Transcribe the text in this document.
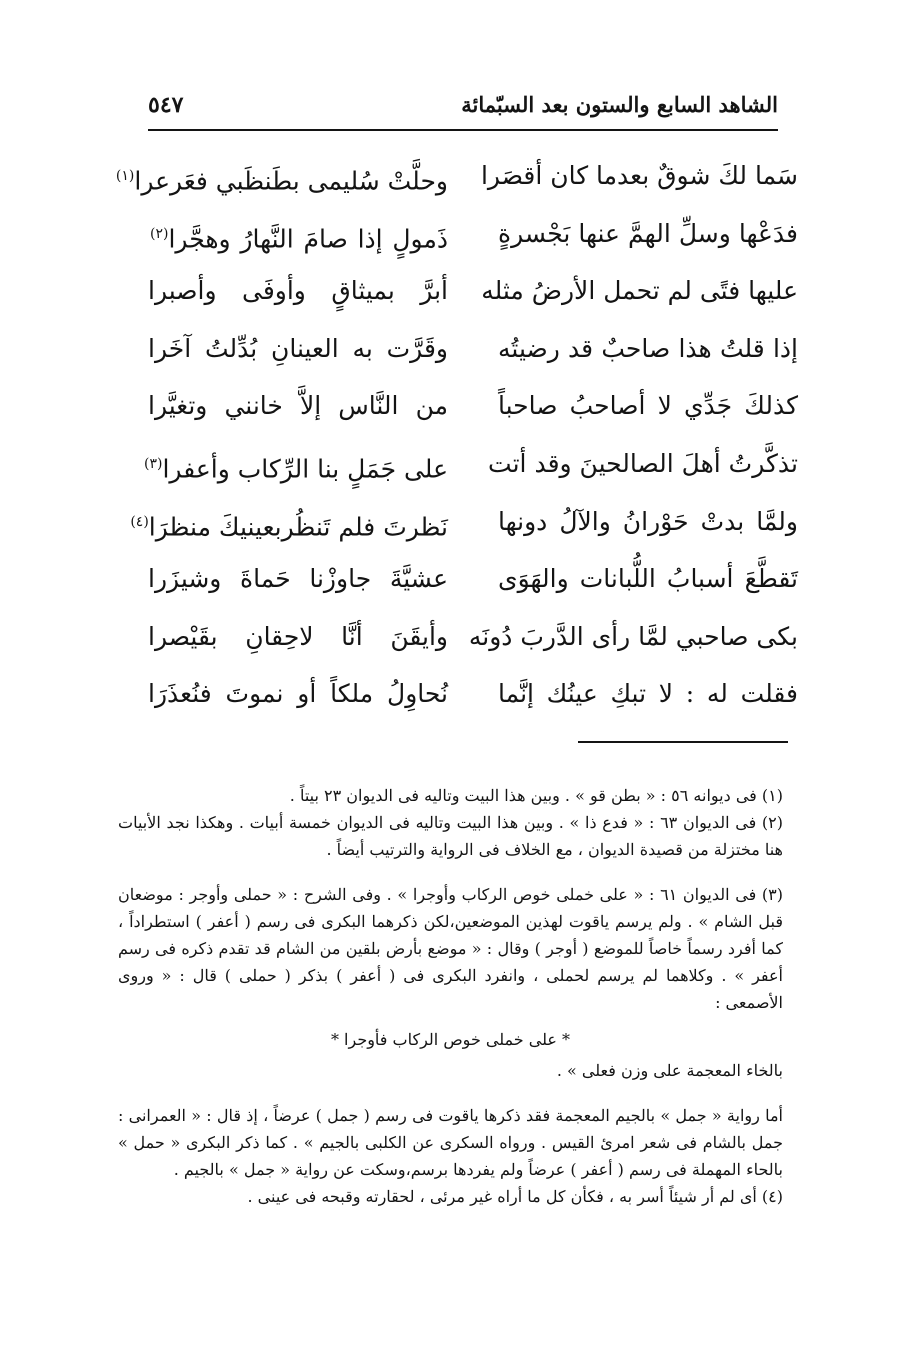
الشاهد السابع والستون بعد السبّمائة
٥٤٧
سَما لكَ شوقٌ بعدما كان أقصَرا
وحلَّتْ سُليمى بطَنظَبي فعَرعرا$^{(١)}$
فدَعْها وسلِّ الهمَّ عنها بَجْسرةٍ
ذَمولٍ إذا صامَ النَّهارُ وهجَّرا$^{(٢)}$
عليها فتًى لم تحمل الأرضُ مثله
أبرَّ بميثاقٍ وأوفَى وأصبرا
إذا قلتُ هذا صاحبٌ قد رضيتُه
وقَرَّت به العينانِ بُدِّلتُ آخَرا
كذلكَ جَدِّي لا أصاحبُ صاحباً
من النَّاس إلاَّ خانني وتغيَّرا
تذكَّرتُ أهلَ الصالحينَ وقد أتت
على جَمَلٍ بنا الرِّكاب وأعفرا$^{(٣)}$
ولمَّا بدتْ حَوْرانُ والآلُ دونها
نَظرتَ فلم تَنظُربعينيكَ منظرَا$^{(٤)}$
تَقطَّعَ أسبابُ اللُّبانات والهَوَى
عشيَّةَ جاوزْنا حَماةَ وشيزَرا
بكى صاحبي لمَّا رأى الدَّربَ دُونَه
وأيقَنَ أنَّا لاحِقانِ بقَيْصرا
فقلت له : لا تبكِ عينُك إنَّما
نُحاوِلُ ملكاً أو نموتَ فنُعذَرَا
(١) فى ديوانه ٥٦ : « بطن قو » . وبين هذا البيت وتاليه فى الديوان ٢٣ بيتاً .
(٢) فى الديوان ٦٣ : « فدع ذا » . وبين هذا البيت وتاليه فى الديوان خمسة أبيات . وهكذا نجد الأبيات هنا مختزلة من قصيدة الديوان ، مع الخلاف فى الرواية والترتيب أيضاً .
(٣) فى الديوان ٦١ : « على خملى خوص الركاب وأوجرا » . وفى الشرح : « حملى وأوجر : موضعان قبل الشام » . ولم يرسم ياقوت لهذين الموضعين،لكن ذكرهما البكرى فى رسم ( أعفر ) استطراداً ، كما أفرد رسماً خاصاً للموضع ( أوجر ) وقال : « موضع بأرض بلقين من الشام قد تقدم ذكره فى رسم أعفر » . وكلاهما لم يرسم لحملى ، وانفرد البكرى فى ( أعفر ) بذكر ( حملى ) قال : « وروى الأصمعى :
* على خملى خوص الركاب فأوجرا *
بالخاء المعجمة على وزن فعلى » .
أما رواية « جمل » بالجيم المعجمة فقد ذكرها ياقوت فى رسم ( جمل ) عرضاً ، إذ قال : « العمرانى : جمل بالشام فى شعر امرئ القيس . ورواه السكرى عن الكلبى بالجيم » . كما ذكر البكرى « حمل » بالحاء المهملة فى رسم ( أعفر ) عرضاً ولم يفردها برسم،وسكت عن رواية « جمل » بالجيم .
(٤) أى لم أر شيئاً أسر به ، فكأن كل ما أراه غير مرئى ، لحقارته وقبحه فى عينى .
